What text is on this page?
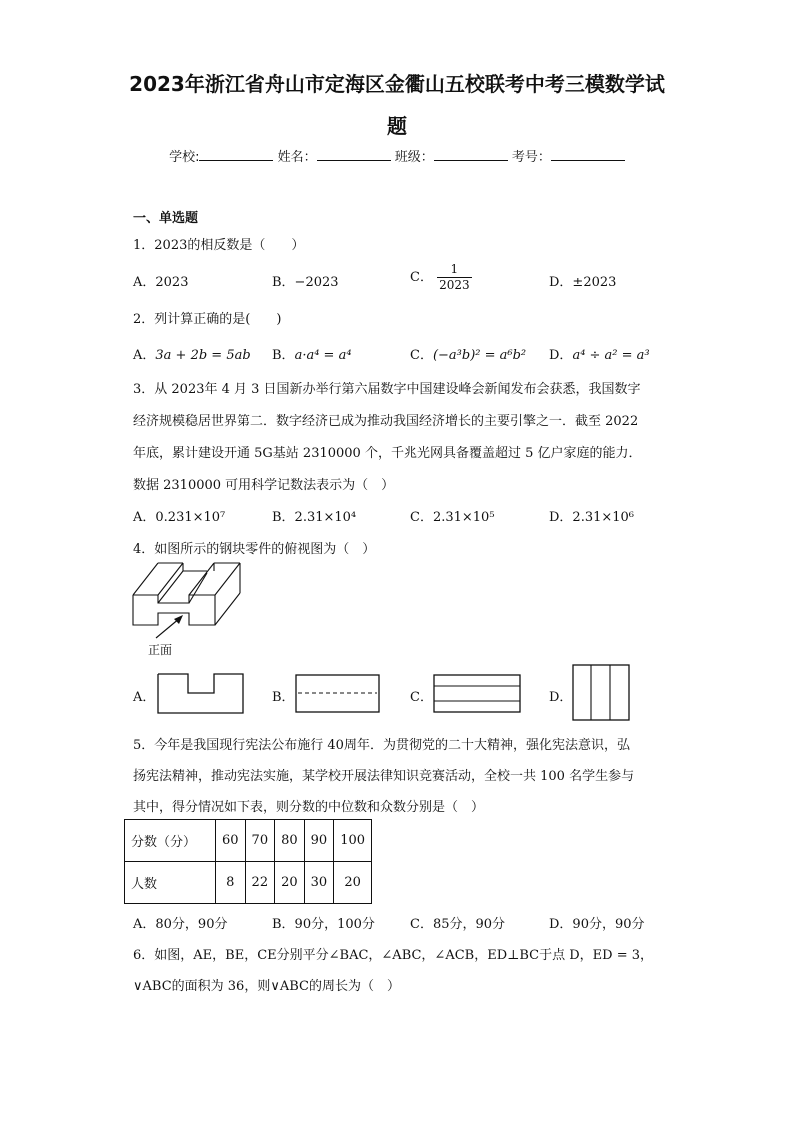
2023年浙江省舟山市定海区金衢山五校联考中考三模数学试
题
学校:	姓名：	班级：	考号：
一、单选题
1．2023的相反数是（　　）
A．2023	B．−2023	C． $\frac{1}{2023}$	D．±2023
2．列计算正确的是(　　)
A．3a + 2b = 5ab B．a·a⁴ = a⁴	C．(−a³b)² = a⁶b² D．a⁴ ÷ a² = a³
3．从 2023年 4 月 3 日国新办举行第六届数字中国建设峰会新闻发布会获悉，我国数字
经济规模稳居世界第二．数字经济已成为推动我国经济增长的主要引擎之一．截至 2022
年底，累计建设开通 5G基站 2310000 个，千兆光网具备覆盖超过 5 亿户家庭的能力．
数据 2310000 可用科学记数法表示为（　）
A．0.231×10⁷	B．2.31×10⁴	C．2.31×10⁵	D．2.31×10⁶
4．如图所示的钢块零件的俯视图为（　）
正面
A．	B．	C．	D．
5．今年是我国现行宪法公布施行 40周年．为贯彻党的二十大精神，强化宪法意识，弘
扬宪法精神，推动宪法实施，某学校开展法律知识竞赛活动，全校一共 100 名学生参与
其中，得分情况如下表，则分数的中位数和众数分别是（　）
分数（分）	60	70	80	90	100
人数	8	22	20	30	20
A．80分，90分	B．90分，100分	C．85分，90分	D．90分，90分
6．如图，AE，BE，CE分别平分∠BAC，∠ABC，∠ACB，ED⊥BC于点 D，ED = 3，
∨ABC的面积为 36，则∨ABC的周长为（　）
